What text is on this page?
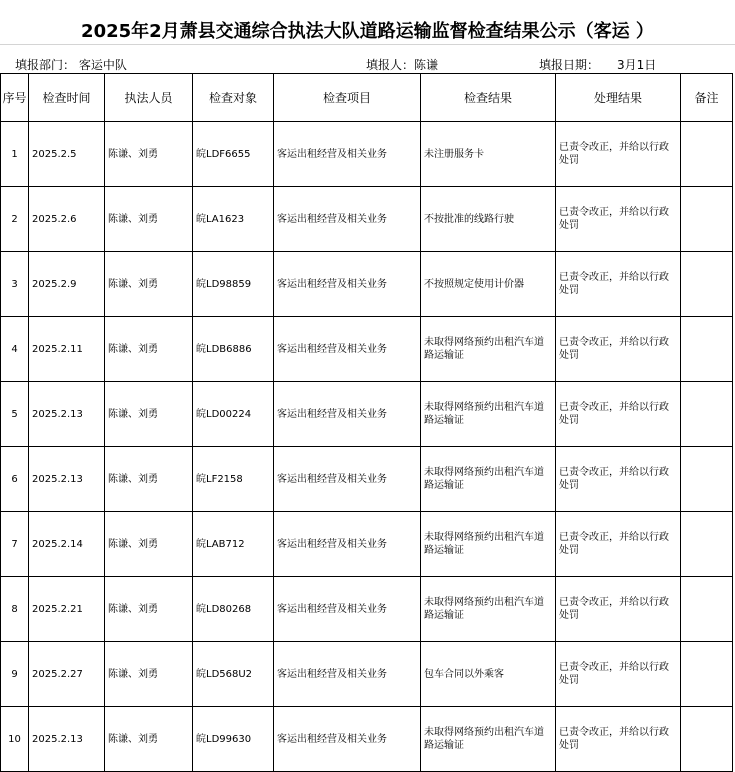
2025年2月萧县交通综合执法大队道路运输监督检查结果公示（客运 ）
填报部门： 客运中队	填报人：陈谦	填报日期： 3月1日
序号	检查时间	执法人员	检查对象	检查项目	检查结果	处理结果	备注
1	2025.2.5	陈谦、刘勇	皖LDF6655	客运出租经营及相关业务	未注册服务卡	已责令改正，并给以行政处罚	
2	2025.2.6	陈谦、刘勇	皖LA1623	客运出租经营及相关业务	不按批准的线路行驶	已责令改正，并给以行政处罚	
3	2025.2.9	陈谦、刘勇	皖LD98859	客运出租经营及相关业务	不按照规定使用计价器	已责令改正，并给以行政处罚	
4	2025.2.11	陈谦、刘勇	皖LDB6886	客运出租经营及相关业务	未取得网络预约出租汽车道路运输证	已责令改正，并给以行政处罚	
5	2025.2.13	陈谦、刘勇	皖LD00224	客运出租经营及相关业务	未取得网络预约出租汽车道路运输证	已责令改正，并给以行政处罚	
6	2025.2.13	陈谦、刘勇	皖LF2158	客运出租经营及相关业务	未取得网络预约出租汽车道路运输证	已责令改正，并给以行政处罚	
7	2025.2.14	陈谦、刘勇	皖LAB712	客运出租经营及相关业务	未取得网络预约出租汽车道路运输证	已责令改正，并给以行政处罚	
8	2025.2.21	陈谦、刘勇	皖LD80268	客运出租经营及相关业务	未取得网络预约出租汽车道路运输证	已责令改正，并给以行政处罚	
9	2025.2.27	陈谦、刘勇	皖LD568U2	客运出租经营及相关业务	包车合同以外乘客	已责令改正，并给以行政处罚	
10	2025.2.13	陈谦、刘勇	皖LD99630	客运出租经营及相关业务	未取得网络预约出租汽车道路运输证	已责令改正，并给以行政处罚	
